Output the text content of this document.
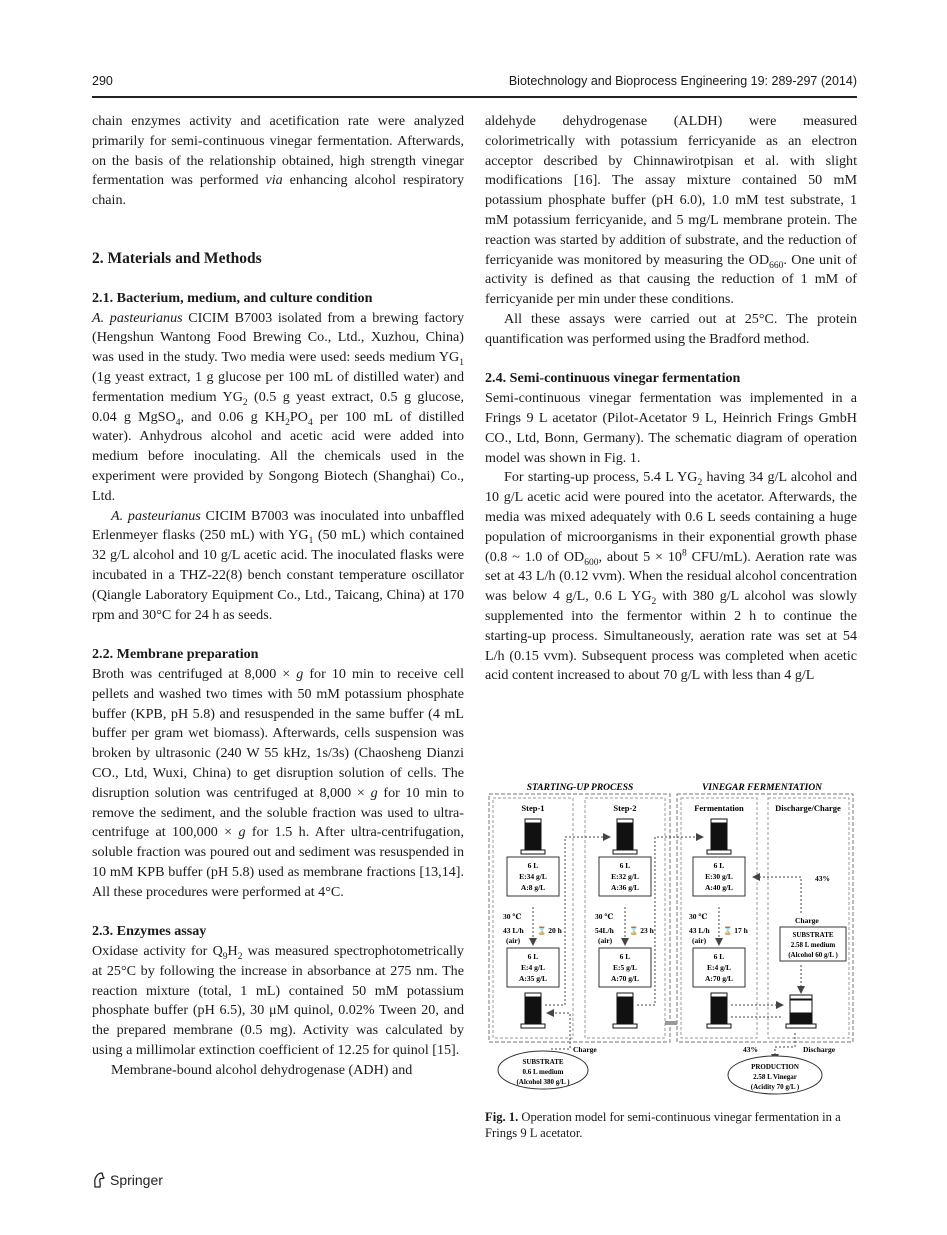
290	Biotechnology and Bioprocess Engineering 19: 289-297 (2014)

chain enzymes activity and acetification rate were analyzed primarily for semi-continuous vinegar fermentation. Afterwards, on the basis of the relationship obtained, high strength vinegar fermentation was performed via enhancing alcohol respiratory chain.

2. Materials and Methods

2.1. Bacterium, medium, and culture condition

A. pasteurianus CICIM B7003 isolated from a brewing factory (Hengshun Wantong Food Brewing Co., Ltd., Xuzhou, China) was used in the study. Two media were used: seeds medium $YG_1$ (1g yeast extract, 1 g glucose per 100 mL of distilled water) and fermentation medium $YG_2$ (0.5 g yeast extract, 0.5 g glucose, 0.04 g MgSO$_4$, and 0.06 g $KH_2PO_4$ per 100 mL of distilled water). Anhydrous alcohol and acetic acid were added into medium before inoculating. All the chemicals used in the experiment were provided by Songong Biotech (Shanghai) Co., Ltd.

A. pasteurianus CICIM B7003 was inoculated into unbaffled Erlenmeyer flasks (250 mL) with $YG_1$ (50 mL) which contained 32 g/L alcohol and 10 g/L acetic acid. The inoculated flasks were incubated in a THZ-22(8) bench constant temperature oscillator (Qiangle Laboratory Equipment Co., Ltd., Taicang, China) at 170 rpm and 30°C for 24 h as seeds.

2.2. Membrane preparation

Broth was centrifuged at 8,000 × g for 10 min to receive cell pellets and washed two times with 50 mM potassium phosphate buffer (KPB, pH 5.8) and resuspended in the same buffer (4 mL buffer per gram wet biomass). Afterwards, cells suspension was broken by ultrasonic (240 W 55 kHz, 1s/3s) (Chaosheng Dianzi CO., Ltd, Wuxi, China) to get disruption solution of cells. The disruption solution was centrifuged at 8,000 × g for 10 min to remove the sediment, and the soluble fraction was used to ultra-centrifuge at 100,000 × g for 1.5 h. After ultra-centrifugation, soluble fraction was poured out and sediment was resuspended in 10 mM KPB buffer (pH 5.8) used as membrane fractions [13,14]. All these procedures were performed at 4°C.

2.3. Enzymes assay

Oxidase activity for $Q_9H_2$ was measured spectrophotometrically at 25°C by following the increase in absorbance at 275 nm. The reaction mixture (total, 1 mL) contained 50 mM potassium phosphate buffer (pH 6.5), 30 μM quinol, 0.02% Tween 20, and the prepared membrane (0.5 mg). Activity was calculated by using a millimolar extinction coefficient of 12.25 for quinol [15].

Membrane-bound alcohol dehydrogenase (ADH) and

aldehyde dehydrogenase (ALDH) were measured colorimetrically with potassium ferricyanide as an electron acceptor described by Chinnawirotpisan et al. with slight modifications [16]. The assay mixture contained 50 mM potassium phosphate buffer (pH 6.0), 1.0 mM test substrate, 1 mM potassium ferricyanide, and 5 mg/L membrane protein. The reaction was started by addition of substrate, and the reduction of ferricyanide was monitored by measuring the $OD_{660}$. One unit of activity is defined as that causing the reduction of 1 mM of ferricyanide per min under these conditions.

All these assays were carried out at 25°C. The protein quantification was performed using the Bradford method.

2.4. Semi-continuous vinegar fermentation

Semi-continuous vinegar fermentation was implemented in a Frings 9 L acetator (Pilot-Acetator 9 L, Heinrich Frings GmbH CO., Ltd, Bonn, Germany). The schematic diagram of operation model was shown in Fig. 1.

For starting-up process, 5.4 L $YG_2$ having 34 g/L alcohol and 10 g/L acetic acid were poured into the acetator. Afterwards, the media was mixed adequately with 0.6 L seeds containing a huge population of microorganisms in their exponential growth phase (0.8 ~ 1.0 of $OD_{600}$, about $5 \times 10^8$ CFU/mL). Aeration rate was set at 43 L/h (0.12 vvm). When the residual alcohol concentration was below 4 g/L, 0.6 L $YG_2$ with 380 g/L alcohol was slowly supplemented into the fermentor within 2 h to continue the starting-up process. Simultaneously, aeration rate was set at 54 L/h (0.15 vvm). Subsequent process was completed when acetic acid content increased to about 70 g/L with less than 4 g/L

STARTING-UP PROCESS	VINEGAR FERMENTATION
Step-1	Step-2	Fermentation	Discharge/Charge
6 L
E:34 g/L
A:8 g/L
30 ℃
43 L/h
(air)
⌛ 20 h
6 L
E:4 g/L
A:35 g/L
6 L
E:32 g/L
A:36 g/L
30 ℃
54L/h
(air)
⌛ 23 h
6 L
E:5 g/L
A:70 g/L
6 L
E:30 g/L
A:40 g/L
30 ℃
43 L/h
(air)
⌛ 17 h
6 L
E:4 g/L
A:70 g/L
43%
Charge
SUBSTRATE
2.58 L medium
(Alcohol 60 g/L )
Charge
SUBSTRATE
0.6 L medium
(Alcohol 380 g/L )
43%	Discharge
PRODUCTION
2.58 L Vinegar
(Acidity 70 g/L )
Fig. 1. Operation model for semi-continuous vinegar fermentation in a Frings 9 L acetator.
Springer
